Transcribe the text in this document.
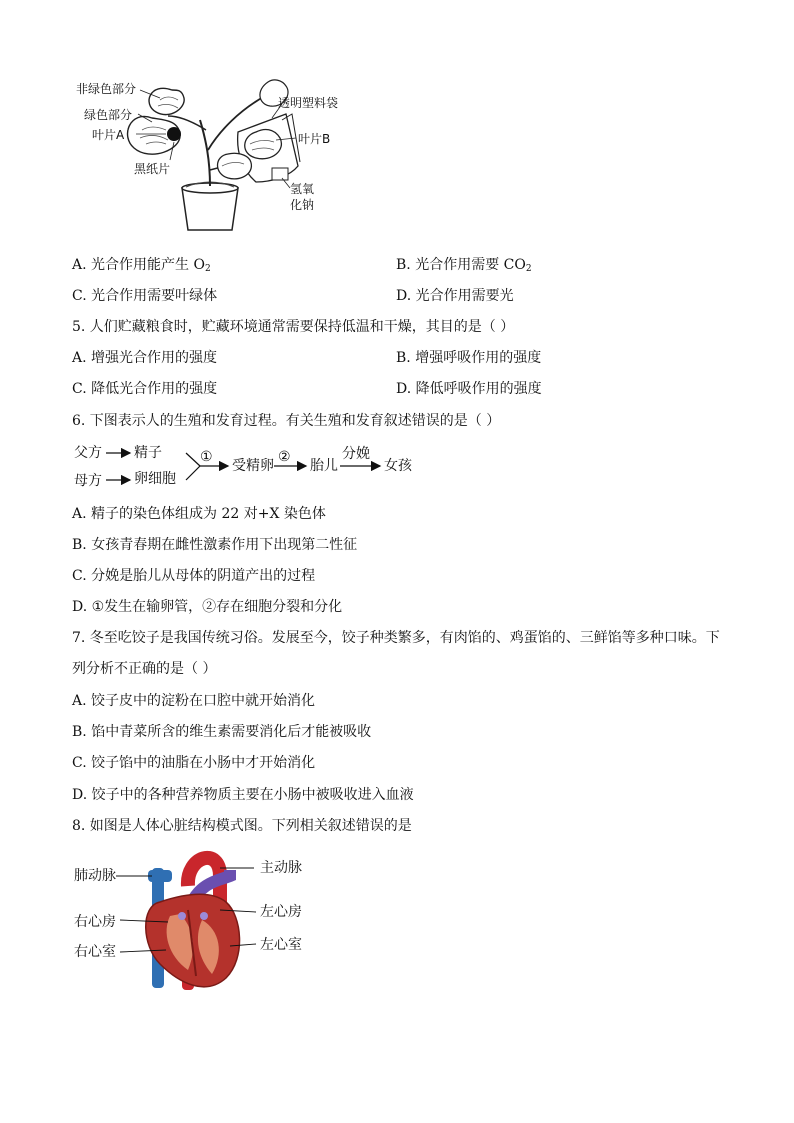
非绿色部分
绿色部分
叶片A
黑纸片
透明塑料袋
叶片B
氢氧
化钠
A. 光合作用能产生 $O_2$	B. 光合作用需要 $CO_2$
C. 光合作用需要叶绿体	D. 光合作用需要光
5. 人们贮藏粮食时，贮藏环境通常需要保持低温和干燥，其目的是（ ）
A. 增强光合作用的强度	B. 增强呼吸作用的强度
C. 降低光合作用的强度	D. 降低呼吸作用的强度
6. 下图表示人的生殖和发育过程。有关生殖和发育叙述错误的是（ ）
父方 精子
母方 卵细胞
①
受精卵
②
胎儿
分娩
女孩
A. 精子的染色体组成为 22 对+X 染色体
B. 女孩青春期在雌性激素作用下出现第二性征
C. 分娩是胎儿从母体的阴道产出的过程
D. ①发生在输卵管，②存在细胞分裂和分化
7. 冬至吃饺子是我国传统习俗。发展至今，饺子种类繁多，有肉馅的、鸡蛋馅的、三鲜馅等多种口味。下
列分析不正确的是（ ）
A. 饺子皮中的淀粉在口腔中就开始消化
B. 馅中青菜所含的维生素需要消化后才能被吸收
C. 饺子馅中的油脂在小肠中才开始消化
D. 饺子中的各种营养物质主要在小肠中被吸收进入血液
8. 如图是人体心脏结构模式图。下列相关叙述错误的是
肺动脉
右心房
右心室
主动脉
左心房
左心室
